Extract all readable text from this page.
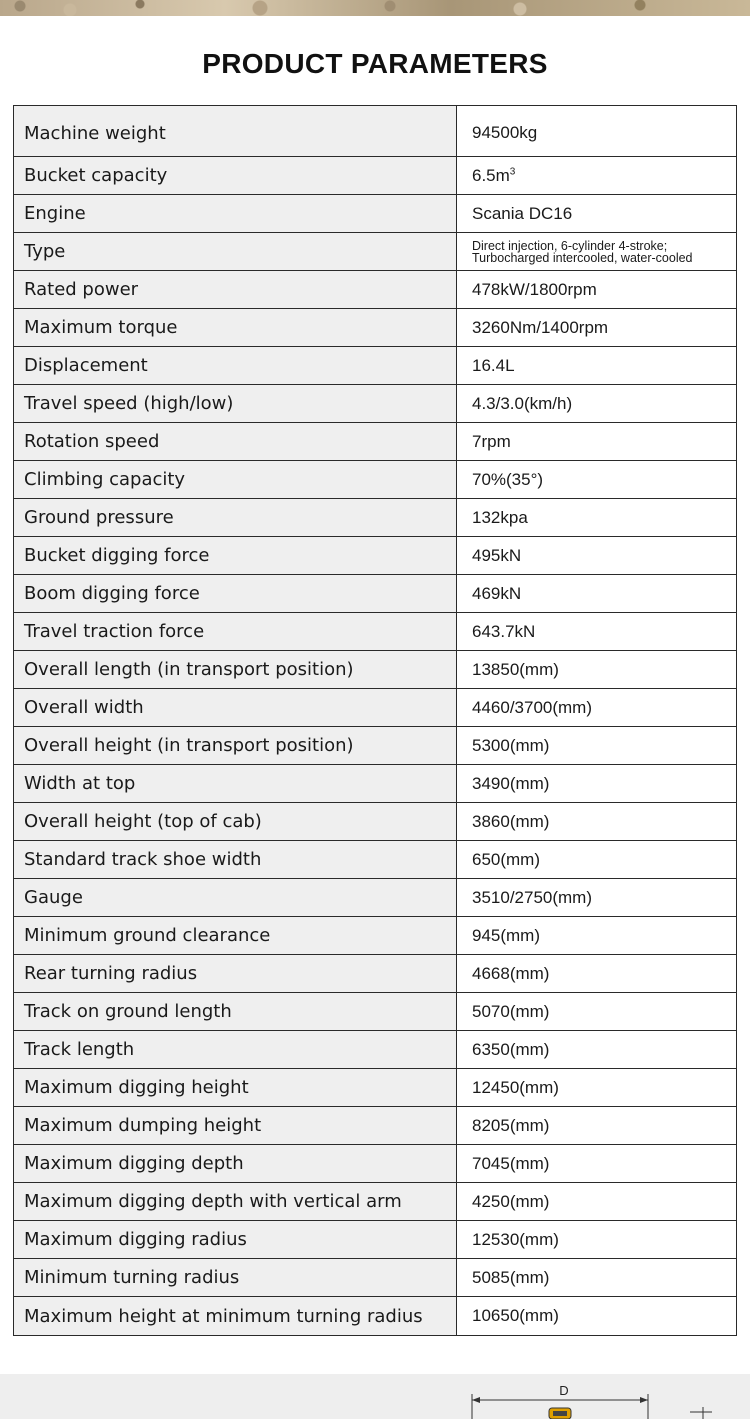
PRODUCT PARAMETERS
Machine weight	94500kg
Bucket capacity	$6.5m^3$
Engine	Scania DC16
Type	Direct injection, 6-cylinder 4-stroke;
Turbocharged intercooled, water-cooled

Rated power	478kW/1800rpm
Maximum torque	3260Nm/1400rpm
Displacement	16.4L
Travel speed (high/low)	4.3/3.0(km/h)
Rotation speed	7rpm
Climbing capacity	70%(35°)
Ground pressure	132kpa
Bucket digging force	495kN
Boom digging force	469kN
Travel traction force	643.7kN
Overall length (in transport position)	13850(mm)
Overall width	4460/3700(mm)
Overall height (in transport position)	5300(mm)
Width at top	3490(mm)
Overall height (top of cab)	3860(mm)
Standard track shoe width	650(mm)
Gauge	3510/2750(mm)
Minimum ground clearance	945(mm)
Rear turning radius	4668(mm)
Track on ground length	5070(mm)
Track length	6350(mm)
Maximum digging height	12450(mm)
Maximum dumping height	8205(mm)
Maximum digging depth	7045(mm)
Maximum digging depth with vertical arm	4250(mm)
Maximum digging radius	12530(mm)
Minimum turning radius	5085(mm)
Maximum height at minimum turning radius	10650(mm)
D
